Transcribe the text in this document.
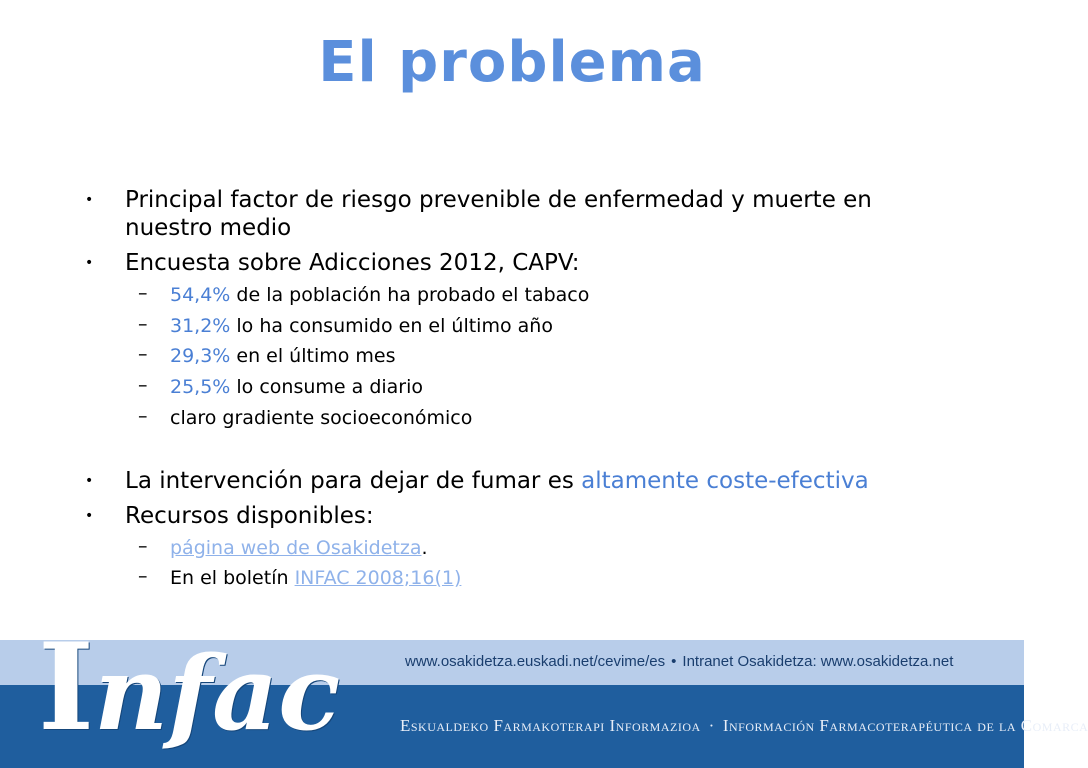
El problema
• Principal factor de riesgo prevenible de enfermedad y muerte en nuestro medio
• Encuesta sobre Adicciones 2012, CAPV:
– 54,4% de la población ha probado el tabaco
– 31,2% lo ha consumido en el último año
– 29,3% en el último mes
– 25,5% lo consume a diario
– claro gradiente socioeconómico
• La intervención para dejar de fumar es altamente coste-efectiva
• Recursos disponibles:
– página web de Osakidetza.
– En el boletín INFAC 2008;16(1)
Infac	www.osakidetza.euskadi.net/cevime/es • Intranet Osakidetza: www.osakidetza.net
Eskualdeko Farmakoterapi Informazioa · Información Farmacoterapéutica de la Comarca
